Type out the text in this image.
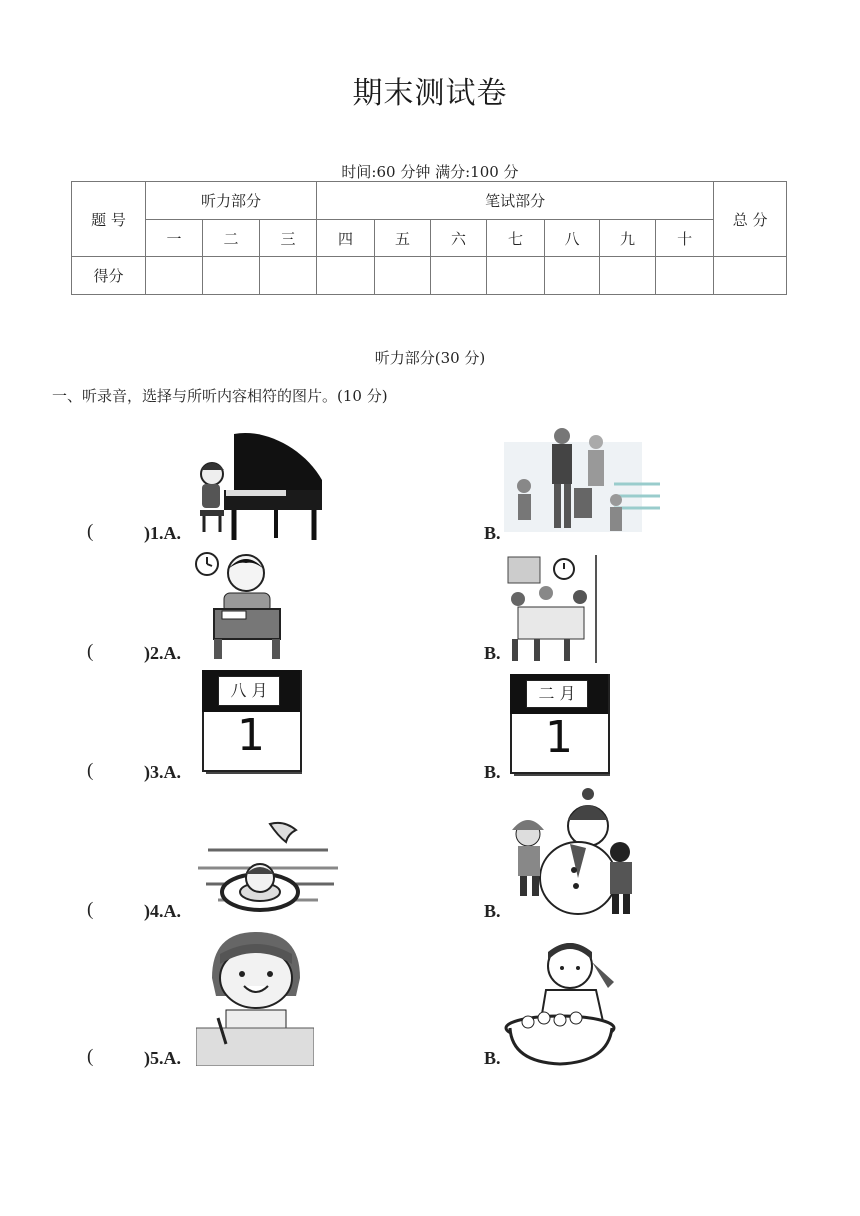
期末测试卷
时间:60 分钟 满分:100 分
题 号	听力部分			笔试部分							总 分
	一	二	三	四	五	六	七	八	九	十	
得分											
听力部分(30 分)
一、听录音，选择与所听内容相符的图片。(10 分)
(	)1.A.	B.
(	)2.A.	B.
(	)3.A.
八 月
1
B.
二 月
1
(	)4.A.	B.
(	)5.A.	B.
